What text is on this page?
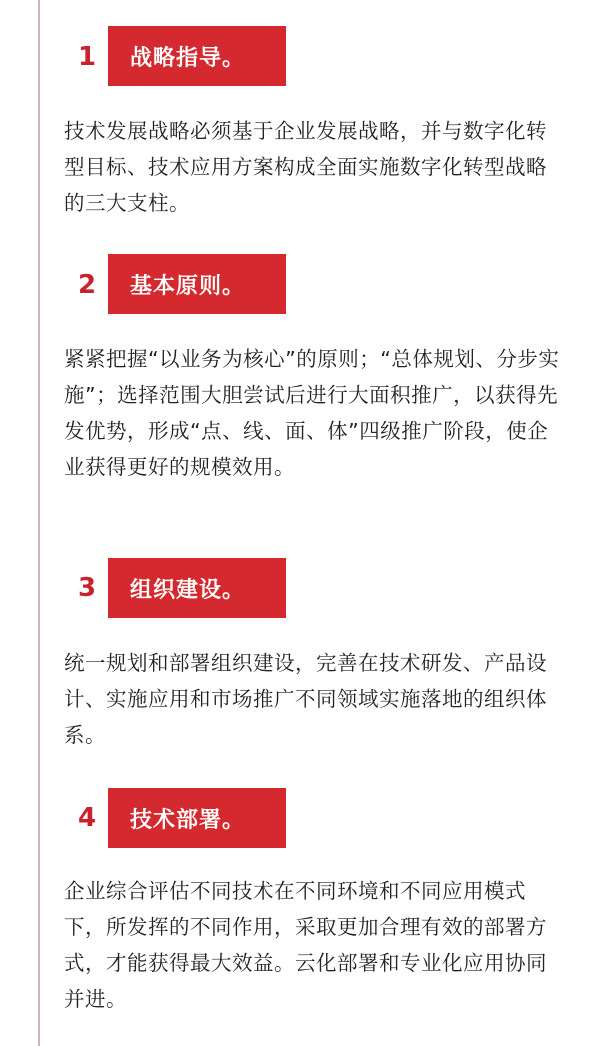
1	战略指导。

技术发展战略必须基于企业发展战略，并与数字化转型目标、技术应用方案构成全面实施数字化转型战略的三大支柱。

2	基本原则。

紧紧把握“以业务为核心”的原则；“总体规划、分步实施”；选择范围大胆尝试后进行大面积推广，以获得先发优势，形成“点、线、面、体”四级推广阶段，使企业获得更好的规模效用。

3	组织建设。

统一规划和部署组织建设，完善在技术研发、产品设计、实施应用和市场推广不同领域实施落地的组织体系。

4	技术部署。

企业综合评估不同技术在不同环境和不同应用模式下，所发挥的不同作用，采取更加合理有效的部署方式，才能获得最大效益。云化部署和专业化应用协同并进。
